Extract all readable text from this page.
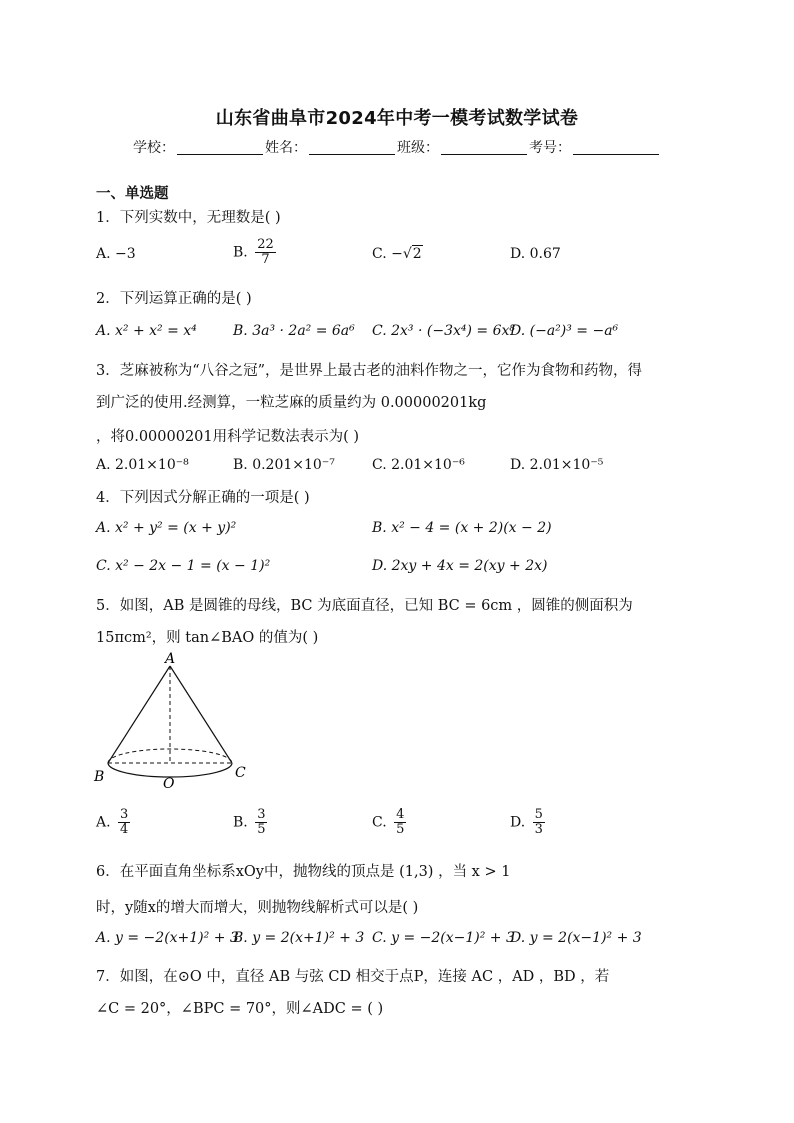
山东省曲阜市2024年中考一模考试数学试卷
学校：	姓名：	班级：	考号：
一、单选题
1．下列实数中，无理数是( )
A. −3	B. $\frac{22}{7}$	C. −√2	D. 0.67
2．下列运算正确的是( )
A. x² + x² = x⁴	B. 3a³ · 2a² = 6a⁶ C. 2x³ · (−3x⁴) = 6x⁸
D. (−a²)³ = −a⁶
3．芝麻被称为“八谷之冠”，是世界上最古老的油料作物之一，它作为食物和药物，得
到广泛的使用.经测算，一粒芝麻的质量约为 0.00000201kg
，将0.00000201用科学记数法表示为( )
A. 2.01×10⁻⁸	B. 0.201×10⁻⁷	C. 2.01×10⁻⁶	D. 2.01×10⁻⁵
4．下列因式分解正确的一项是( )
A. x² + y² = (x + y)²	B. x² − 4 = (x + 2)(x − 2)
C. x² − 2x − 1 = (x − 1)²	D. 2xy + 4x = 2(xy + 2x)
5．如图，AB 是圆锥的母线，BC 为底面直径，已知 BC = 6cm ，圆锥的侧面积为
15πcm²，则 tan∠BAO 的值为( )
A
B	C
O
A. $\frac{3}{4}$	B. $\frac{3}{5}$	C. $\frac{4}{5}$	D. $\frac{5}{3}$
6．在平面直角坐标系xOy中，抛物线的顶点是 (1,3) ，当 x > 1
时，y随x的增大而增大，则抛物线解析式可以是( )
A. y = −2(x+1)² + 3
B. y = 2(x+1)² + 3 C. y = −2(x−1)² + 3
D. y = 2(x−1)² + 3
7．如图，在⊙O 中，直径 AB 与弦 CD 相交于点P，连接 AC ，AD ，BD ，若
∠C = 20°，∠BPC = 70°，则∠ADC = ( )
